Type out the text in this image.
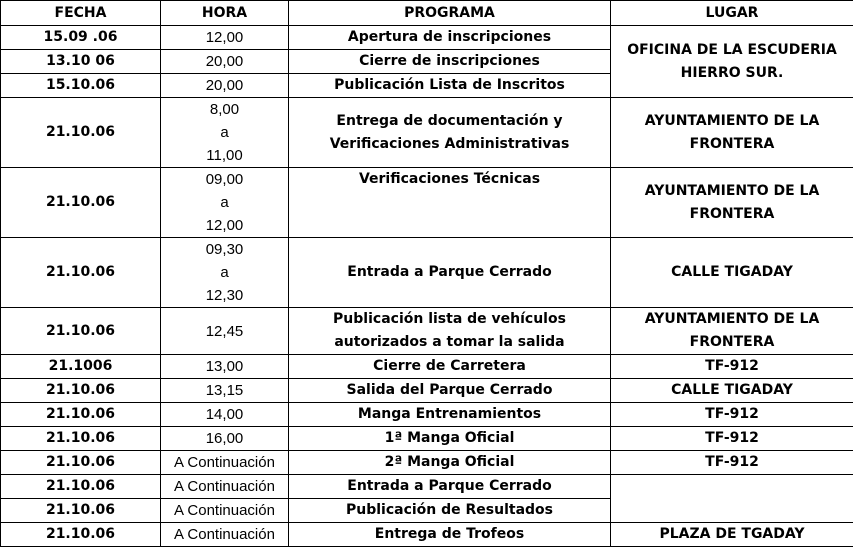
FECHA	HORA	PROGRAMA	LUGAR
15.09 .06	12,00	Apertura de inscripciones	OFICINA DE LA ESCUDERIA
HIERRO SUR.
13.10 06	20,00	Cierre de inscripciones	
15.10.06	20,00	Publicación Lista de Inscritos	
21.10.06	8,00
a
11,00	Entrega de documentación y
Verificaciones Administrativas	AYUNTAMIENTO DE LA
FRONTERA
21.10.06	09,00
a
12,00	Verificaciones Técnicas	AYUNTAMIENTO DE LA
FRONTERA
21.10.06	09,30
a
12,30	Entrada a Parque Cerrado	CALLE TIGADAY
21.10.06	12,45	Publicación lista de vehículos
autorizados a tomar la salida	AYUNTAMIENTO DE LA
FRONTERA
21.1006	13,00	Cierre de Carretera	TF-912
21.10.06	13,15	Salida del Parque Cerrado	CALLE TIGADAY
21.10.06	14,00	Manga Entrenamientos	TF-912
21.10.06	16,00	1ª Manga Oficial	TF-912
21.10.06	A Continuación	2ª Manga Oficial	TF-912
21.10.06	A Continuación	Entrada a Parque Cerrado	
21.10.06	A Continuación	Publicación de Resultados	
21.10.06	A Continuación	Entrega de Trofeos	PLAZA DE TGADAY
